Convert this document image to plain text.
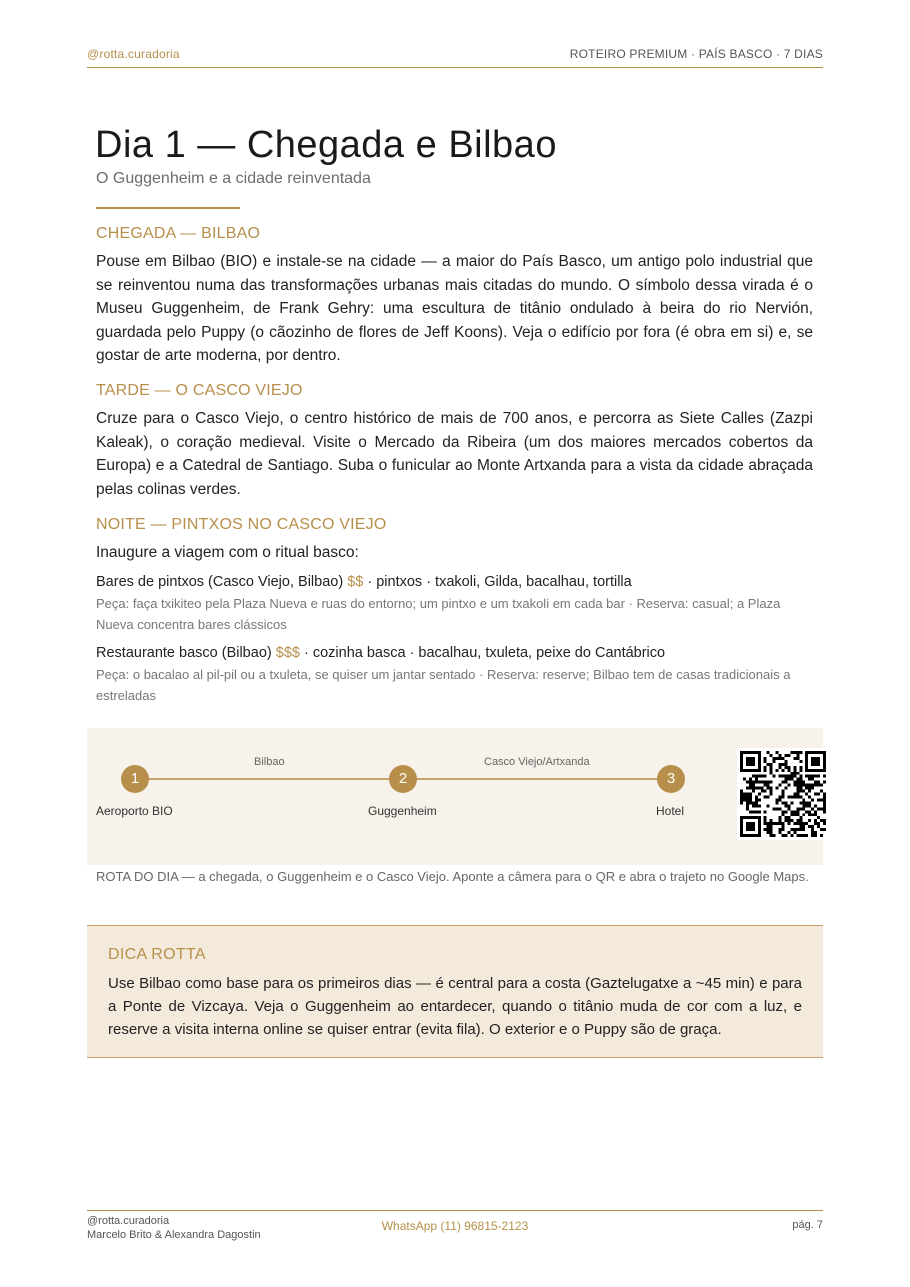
@rotta.curadoria	ROTEIRO PREMIUM · PAÍS BASCO · 7 DIAS
Dia 1 — Chegada e Bilbao
O Guggenheim e a cidade reinventada
CHEGADA — BILBAO

Pouse em Bilbao (BIO) e instale-se na cidade — a maior do País Basco, um antigo polo industrial que se reinventou numa das transformações urbanas mais citadas do mundo. O símbolo dessa virada é o Museu Guggenheim, de Frank Gehry: uma escultura de titânio ondulado à beira do rio Nervión, guardada pelo Puppy (o cãozinho de flores de Jeff Koons). Veja o edifício por fora (é obra em si) e, se gostar de arte moderna, por dentro.

TARDE — O CASCO VIEJO

Cruze para o Casco Viejo, o centro histórico de mais de 700 anos, e percorra as Siete Calles (Zazpi Kaleak), o coração medieval. Visite o Mercado da Ribeira (um dos maiores mercados cobertos da Europa) e a Catedral de Santiago. Suba o funicular ao Monte Artxanda para a vista da cidade abraçada pelas colinas verdes.

NOITE — PINTXOS NO CASCO VIEJO

Inaugure a viagem com o ritual basco:

Bares de pintxos (Casco Viejo, Bilbao) $$ · pintxos · txakoli, Gilda, bacalhau, tortilla
Peça: faça txikiteo pela Plaza Nueva e ruas do entorno; um pintxo e um txakoli em cada bar · Reserva: casual; a Plaza Nueva concentra bares clássicos
Restaurante basco (Bilbao) $$$ · cozinha basca · bacalhau, txuleta, peixe do Cantábrico
Peça: o bacalao al pil-pil ou a txuleta, se quiser um jantar sentado · Reserva: reserve; Bilbao tem de casas tradicionais a estreladas
Bilbao	Casco Viejo/Artxanda
1	2	3
Aeroporto BIO	Guggenheim	Hotel
ROTA DO DIA — a chegada, o Guggenheim e o Casco Viejo. Aponte a câmera para o QR e abra o trajeto no Google Maps.
DICA ROTTA

Use Bilbao como base para os primeiros dias — é central para a costa (Gaztelugatxe a ~45 min) e para a Ponte de Vizcaya. Veja o Guggenheim ao entardecer, quando o titânio muda de cor com a luz, e reserve a visita interna online se quiser entrar (evita fila). O exterior e o Puppy são de graça.

@rotta.curadoria
Marcelo Brito & Alexandra Dagostin
WhatsApp (11) 96815-2123	pág. 7
